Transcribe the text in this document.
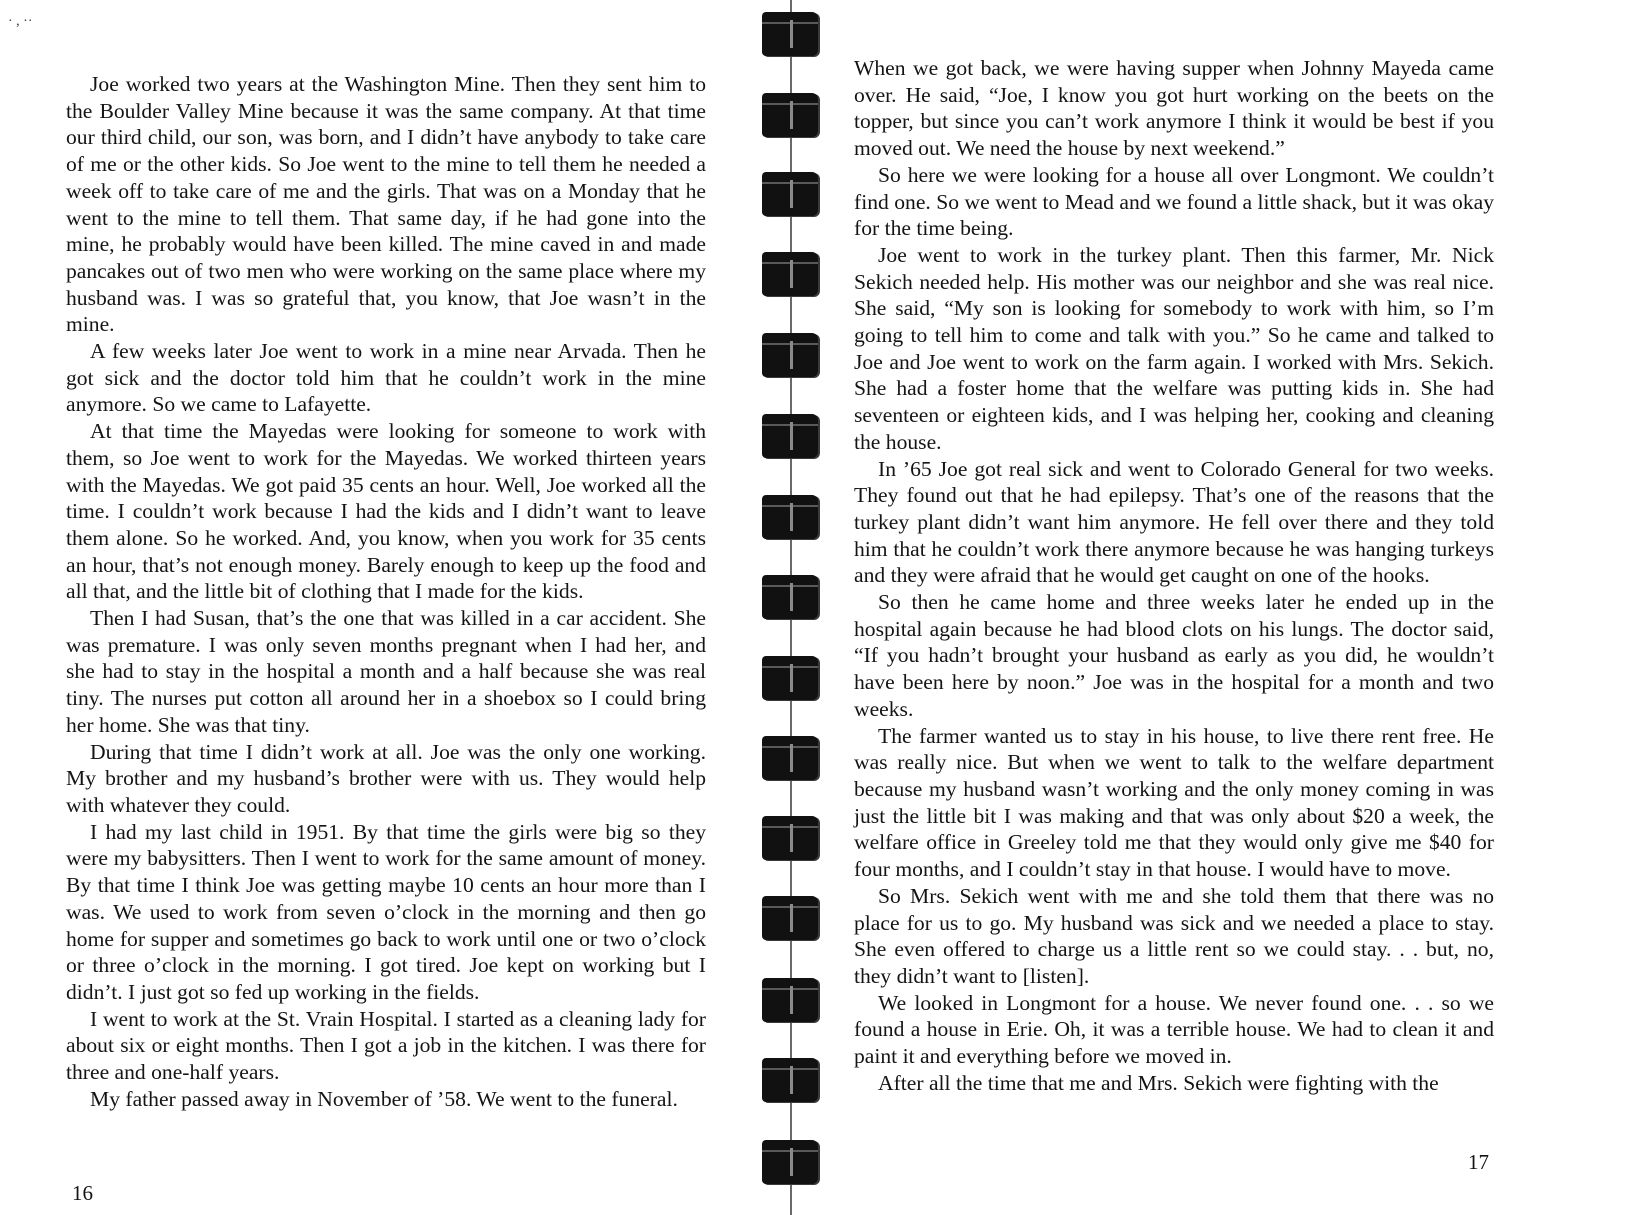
· , ··

Joe worked two years at the Washington Mine. Then they sent him to the Boulder Valley Mine because it was the same company. At that time our third child, our son, was born, and I didn’t have anybody to take care of me or the other kids. So Joe went to the mine to tell them he needed a week off to take care of me and the girls. That was on a Monday that he went to the mine to tell them. That same day, if he had gone into the mine, he probably would have been killed. The mine caved in and made pancakes out of two men who were working on the same place where my husband was. I was so grateful that, you know, that Joe wasn’t in the mine.

A few weeks later Joe went to work in a mine near Arvada. Then he got sick and the doctor told him that he couldn’t work in the mine anymore. So we came to Lafayette.

At that time the Mayedas were looking for someone to work with them, so Joe went to work for the Mayedas. We worked thirteen years with the Mayedas. We got paid 35 cents an hour. Well, Joe worked all the time. I couldn’t work because I had the kids and I didn’t want to leave them alone. So he worked. And, you know, when you work for 35 cents an hour, that’s not enough money. Barely enough to keep up the food and all that, and the little bit of clothing that I made for the kids.

Then I had Susan, that’s the one that was killed in a car accident. She was premature. I was only seven months pregnant when I had her, and she had to stay in the hospital a month and a half because she was real tiny. The nurses put cotton all around her in a shoebox so I could bring her home. She was that tiny.

During that time I didn’t work at all. Joe was the only one working. My brother and my husband’s brother were with us. They would help with whatever they could.

I had my last child in 1951. By that time the girls were big so they were my babysitters. Then I went to work for the same amount of money. By that time I think Joe was getting maybe 10 cents an hour more than I was. We used to work from seven o’clock in the morning and then go home for supper and sometimes go back to work until one or two o’clock or three o’clock in the morning. I got tired. Joe kept on working but I didn’t. I just got so fed up working in the fields.

I went to work at the St. Vrain Hospital. I started as a cleaning lady for about six or eight months. Then I got a job in the kitchen. I was there for three and one-half years.

My father passed away in November of ’58. We went to the funeral.

16

When we got back, we were having supper when Johnny Mayeda came over. He said, “Joe, I know you got hurt working on the beets on the topper, but since you can’t work anymore I think it would be best if you moved out. We need the house by next weekend.”

So here we were looking for a house all over Longmont. We couldn’t find one. So we went to Mead and we found a little shack, but it was okay for the time being.

Joe went to work in the turkey plant. Then this farmer, Mr. Nick Sekich needed help. His mother was our neighbor and she was real nice. She said, “My son is looking for somebody to work with him, so I’m going to tell him to come and talk with you.” So he came and talked to Joe and Joe went to work on the farm again. I worked with Mrs. Sekich. She had a foster home that the welfare was putting kids in. She had seventeen or eighteen kids, and I was helping her, cooking and cleaning the house.

In ’65 Joe got real sick and went to Colorado General for two weeks. They found out that he had epilepsy. That’s one of the reasons that the turkey plant didn’t want him anymore. He fell over there and they told him that he couldn’t work there anymore because he was hanging turkeys and they were afraid that he would get caught on one of the hooks.

So then he came home and three weeks later he ended up in the hospital again because he had blood clots on his lungs. The doctor said, “If you hadn’t brought your husband as early as you did, he wouldn’t have been here by noon.” Joe was in the hospital for a month and two weeks.

The farmer wanted us to stay in his house, to live there rent free. He was really nice. But when we went to talk to the welfare department because my husband wasn’t working and the only money coming in was just the little bit I was making and that was only about $20 a week, the welfare office in Greeley told me that they would only give me $40 for four months, and I couldn’t stay in that house. I would have to move.

So Mrs. Sekich went with me and she told them that there was no place for us to go. My husband was sick and we needed a place to stay. She even offered to charge us a little rent so we could stay. . . but, no, they didn’t want to [listen].

We looked in Longmont for a house. We never found one. . . so we found a house in Erie. Oh, it was a terrible house. We had to clean it and paint it and everything before we moved in.

After all the time that me and Mrs. Sekich were fighting with the

17
